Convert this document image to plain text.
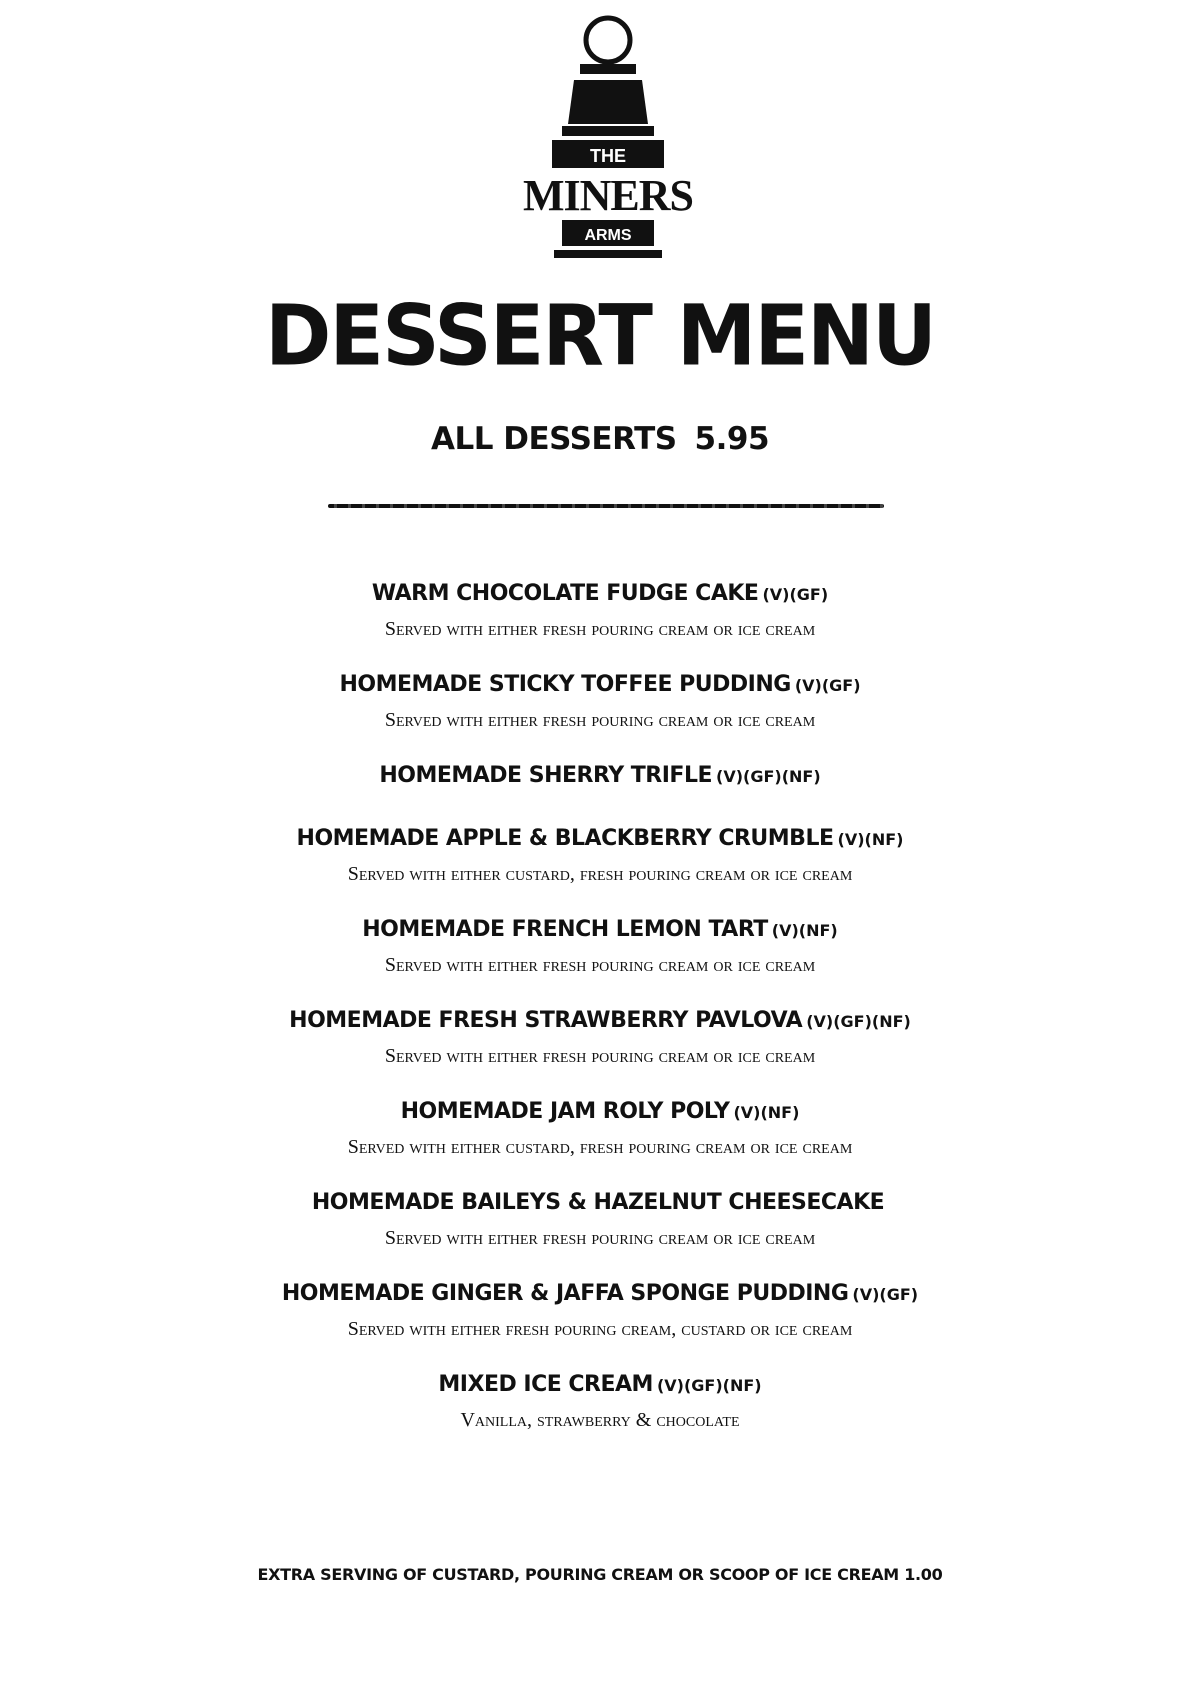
THE
MINERS
ARMS
DESSERT MENU
ALL DESSERTS 5.95
WARM CHOCOLATE FUDGE CAKE (V)(GF)
Served with either fresh pouring cream or ice cream
HOMEMADE STICKY TOFFEE PUDDING (V)(GF)
Served with either fresh pouring cream or ice cream
HOMEMADE SHERRY TRIFLE (V)(GF)(NF)
HOMEMADE APPLE & BLACKBERRY CRUMBLE (V)(NF)
Served with either custard, fresh pouring cream or ice cream
HOMEMADE FRENCH LEMON TART (V)(NF)
Served with either fresh pouring cream or ice cream
HOMEMADE FRESH STRAWBERRY PAVLOVA (V)(GF)(NF)
Served with either fresh pouring cream or ice cream
HOMEMADE JAM ROLY POLY (V)(NF)
Served with either custard, fresh pouring cream or ice cream
HOMEMADE BAILEYS & HAZELNUT CHEESECAKE
Served with either fresh pouring cream or ice cream
HOMEMADE GINGER & JAFFA SPONGE PUDDING (V)(GF)
Served with either fresh pouring cream, custard or ice cream
MIXED ICE CREAM (V)(GF)(NF)
Vanilla, strawberry & chocolate
EXTRA SERVING OF CUSTARD, POURING CREAM OR SCOOP OF ICE CREAM 1.00
